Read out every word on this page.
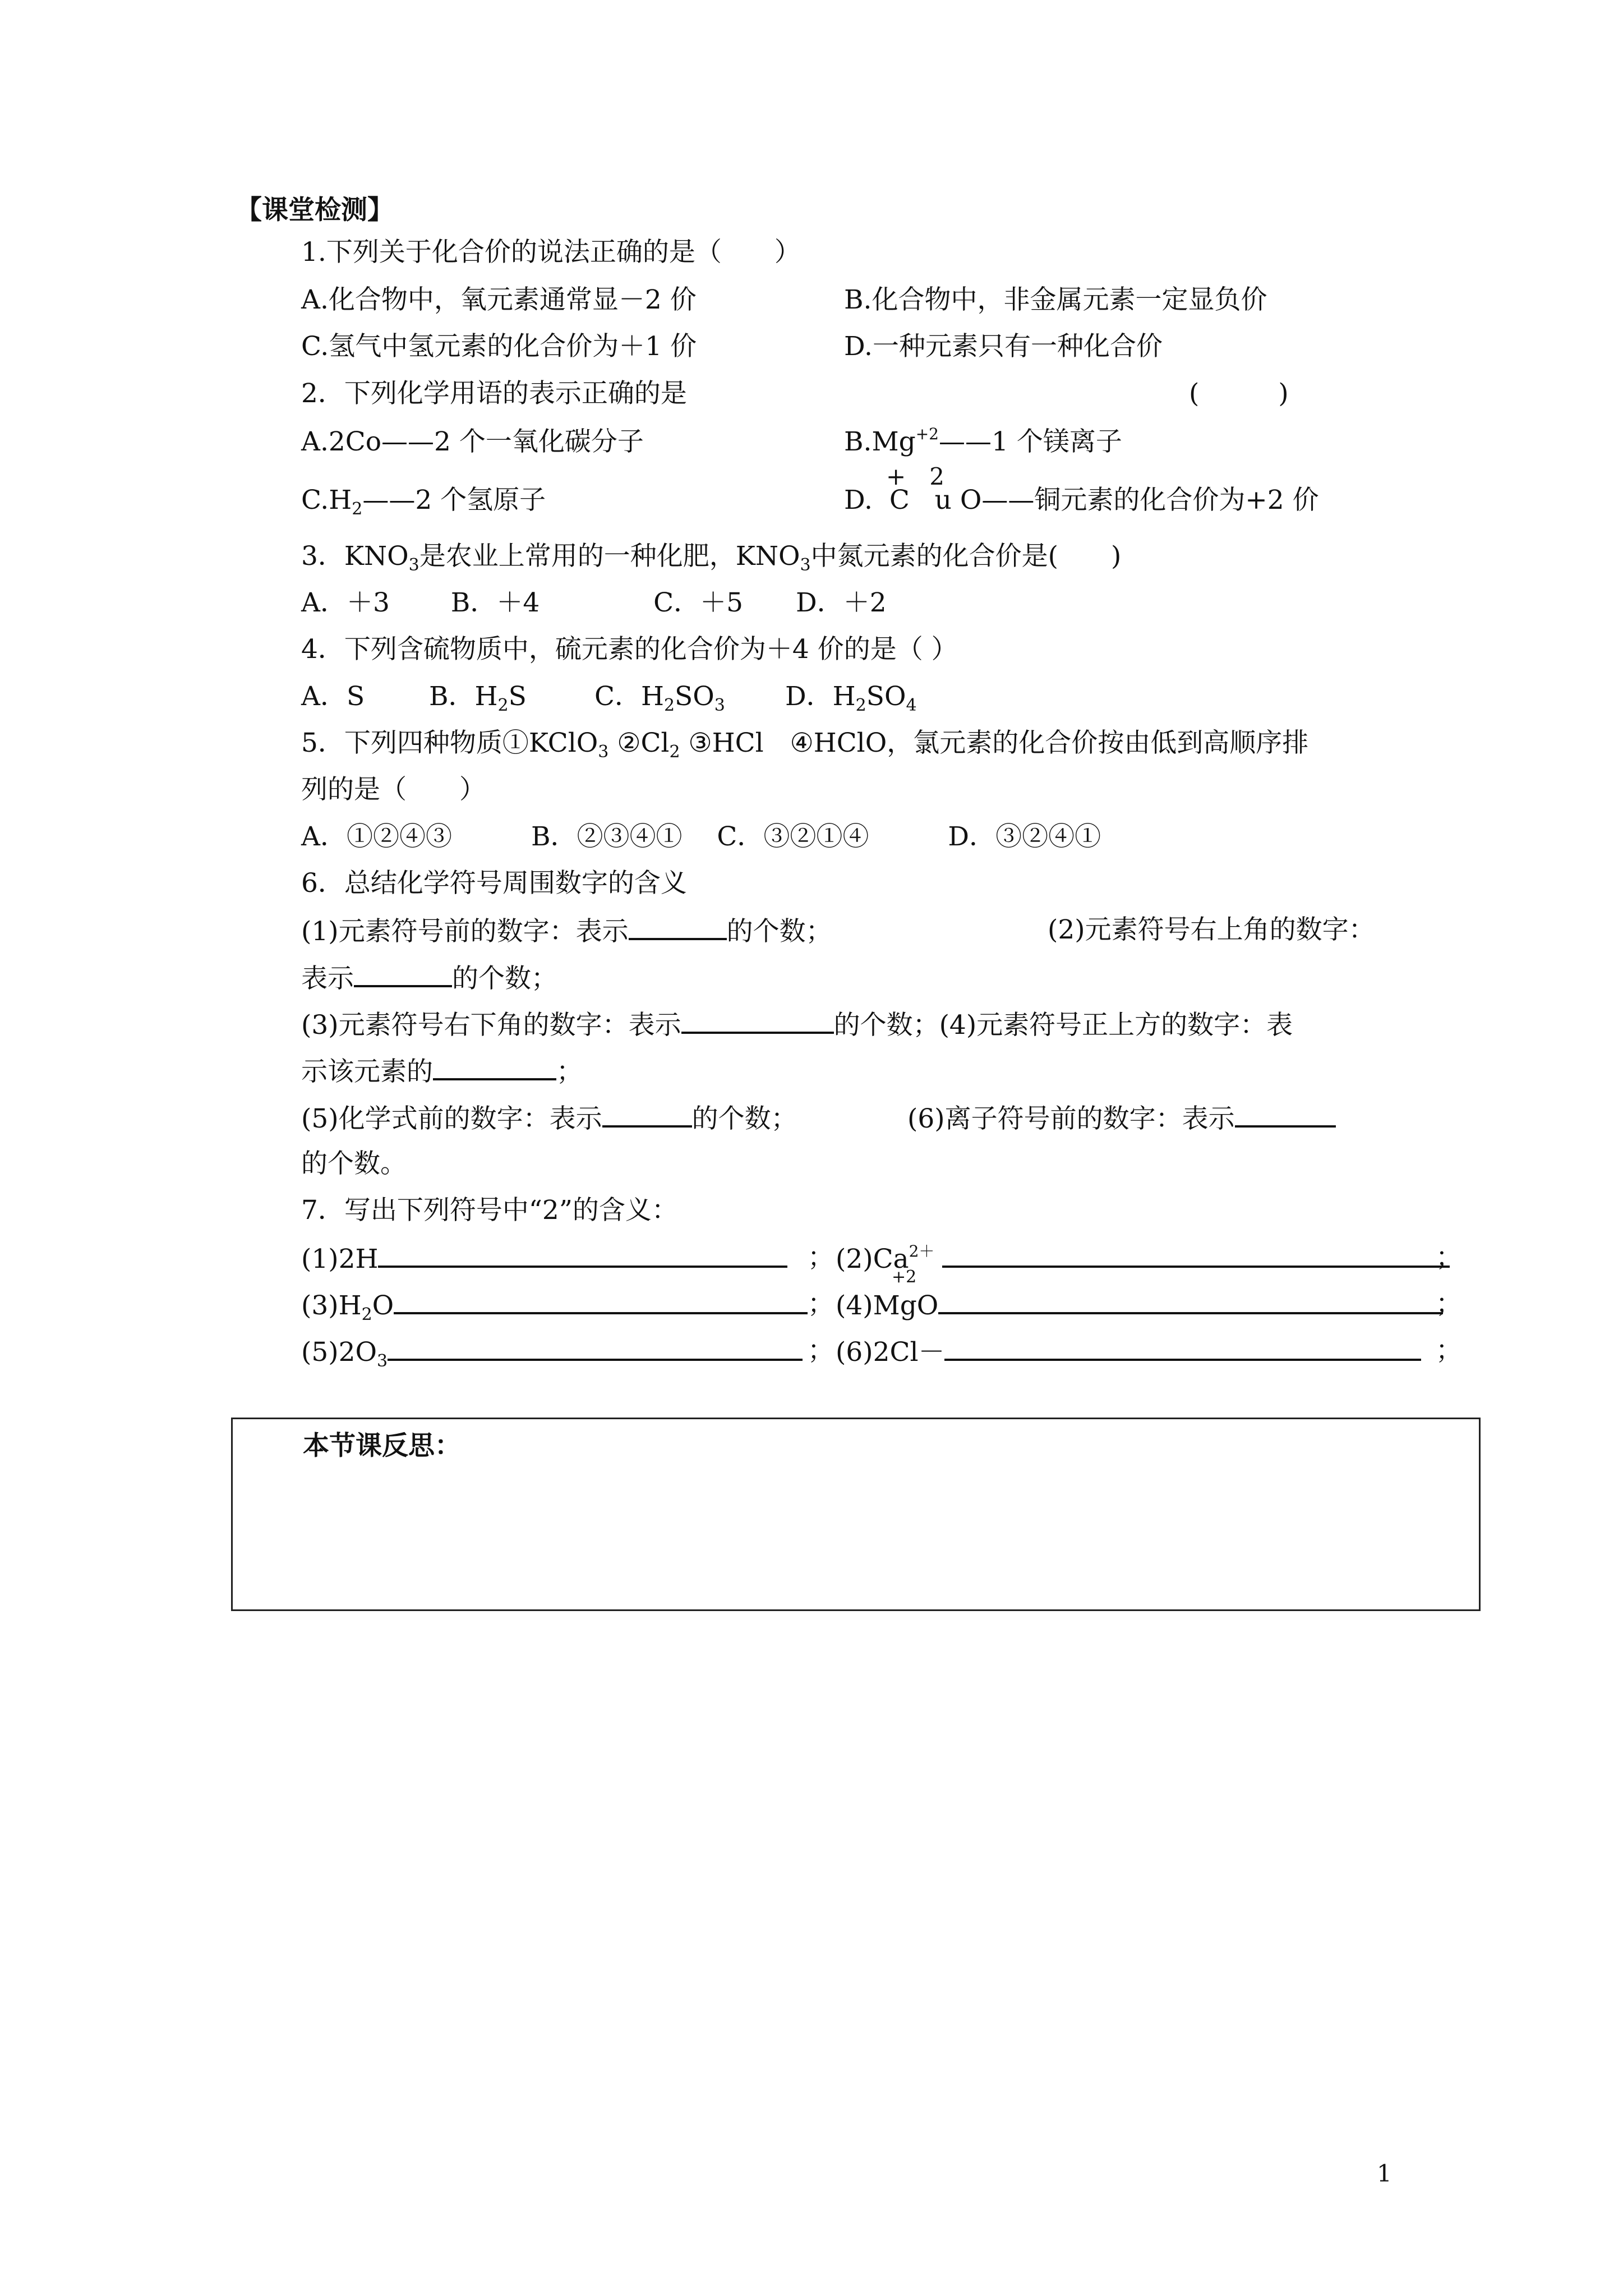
【课堂检测】
1.下列关于化合价的说法正确的是（　　）
A.化合物中，氧元素通常显－2 价	B.化合物中，非金属元素一定显负价
C.氢气中氢元素的化合价为＋1 价	D.一种元素只有一种化合价
2．下列化学用语的表示正确的是	(　　　)
A.2Co——2 个一氧化碳分子	$B.Mg^{+2}——1$ 个镁离子
+　2
$C.H_2——2$ 个氢原子	D.  C   u O——铜元素的化合价为+2 价
3．$KNO_3$是农业上常用的一种化肥，$KNO_3$中氮元素的化合价是(　　)
A．＋3　　 B．＋4　　　　 C．＋5　　D．＋2
4．下列含硫物质中，硫元素的化合价为＋4 价的是（ ）
A．S B．$H_2S$	C．$H_2SO_3$ D．$H_2SO_4$
5．下列四种物质①KClO$_3$ $②Cl_2$ ③HCl　④HClO，氯元素的化合价按由低到高顺序排
列的是（　　）
A．①②④③　　　B．②③④①　 C．③②①④　　　D．③②④①
6．总结化学符号周围数字的含义
(1)元素符号前的数字：表示	的个数；	(2)元素符号右上角的数字：
表示	的个数；
(3)元素符号右下角的数字：表示	的个数；(4)元素符号正上方的数字：表
示该元素的	；
(5)化学式前的数字：表示	的个数；	(6)离子符号前的数字：表示
的个数。
7．写出下列符号中“2”的含义：
(1)2H	； $(2)Ca^{2+}$	；
+2
$(3)H_2O$	； (4)MgO	；
$(5)2O_3$	； (6)2Cl－	；
本节课反思：
1
